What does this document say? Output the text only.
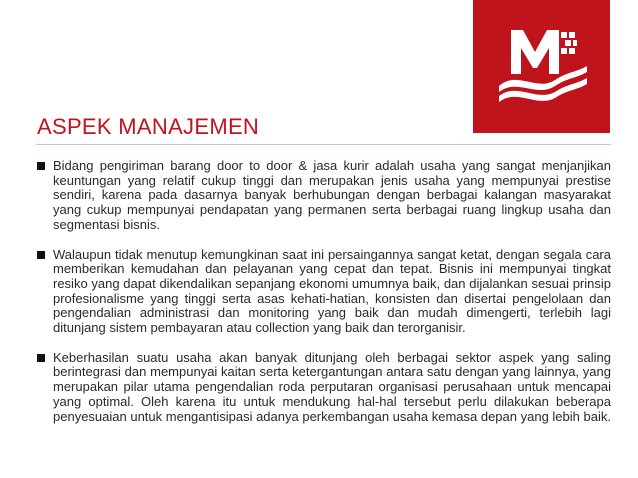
ASPEK MANAJEMEN
Bidang pengiriman barang door to door & jasa kurir adalah usaha yang sangat menjanjikan keuntungan yang relatif cukup tinggi dan merupakan jenis usaha yang mempunyai prestise sendiri, karena pada dasarnya banyak berhubungan dengan berbagai kalangan masyarakat yang cukup mempunyai pendapatan yang permanen serta berbagai ruang lingkup usaha dan segmentasi bisnis.
Walaupun tidak menutup kemungkinan saat ini persaingannya sangat ketat, dengan segala cara memberikan kemudahan dan pelayanan yang cepat dan tepat. Bisnis ini mempunyai tingkat resiko yang dapat dikendalikan sepanjang ekonomi umumnya baik, dan dijalankan sesuai prinsip profesionalisme yang tinggi serta asas kehati-hatian, konsisten dan disertai pengelolaan dan pengendalian administrasi dan monitoring yang baik dan mudah dimengerti, terlebih lagi ditunjang sistem pembayaran atau collection yang baik dan terorganisir.
Keberhasilan suatu usaha akan banyak ditunjang oleh berbagai sektor aspek yang saling berintegrasi dan mempunyai kaitan serta ketergantungan antara satu dengan yang lainnya, yang merupakan pilar utama pengendalian roda perputaran organisasi perusahaan untuk mencapai yang optimal. Oleh karena itu untuk mendukung hal-hal tersebut perlu dilakukan beberapa penyesuaian untuk mengantisipasi adanya perkembangan usaha kemasa depan yang lebih baik.
